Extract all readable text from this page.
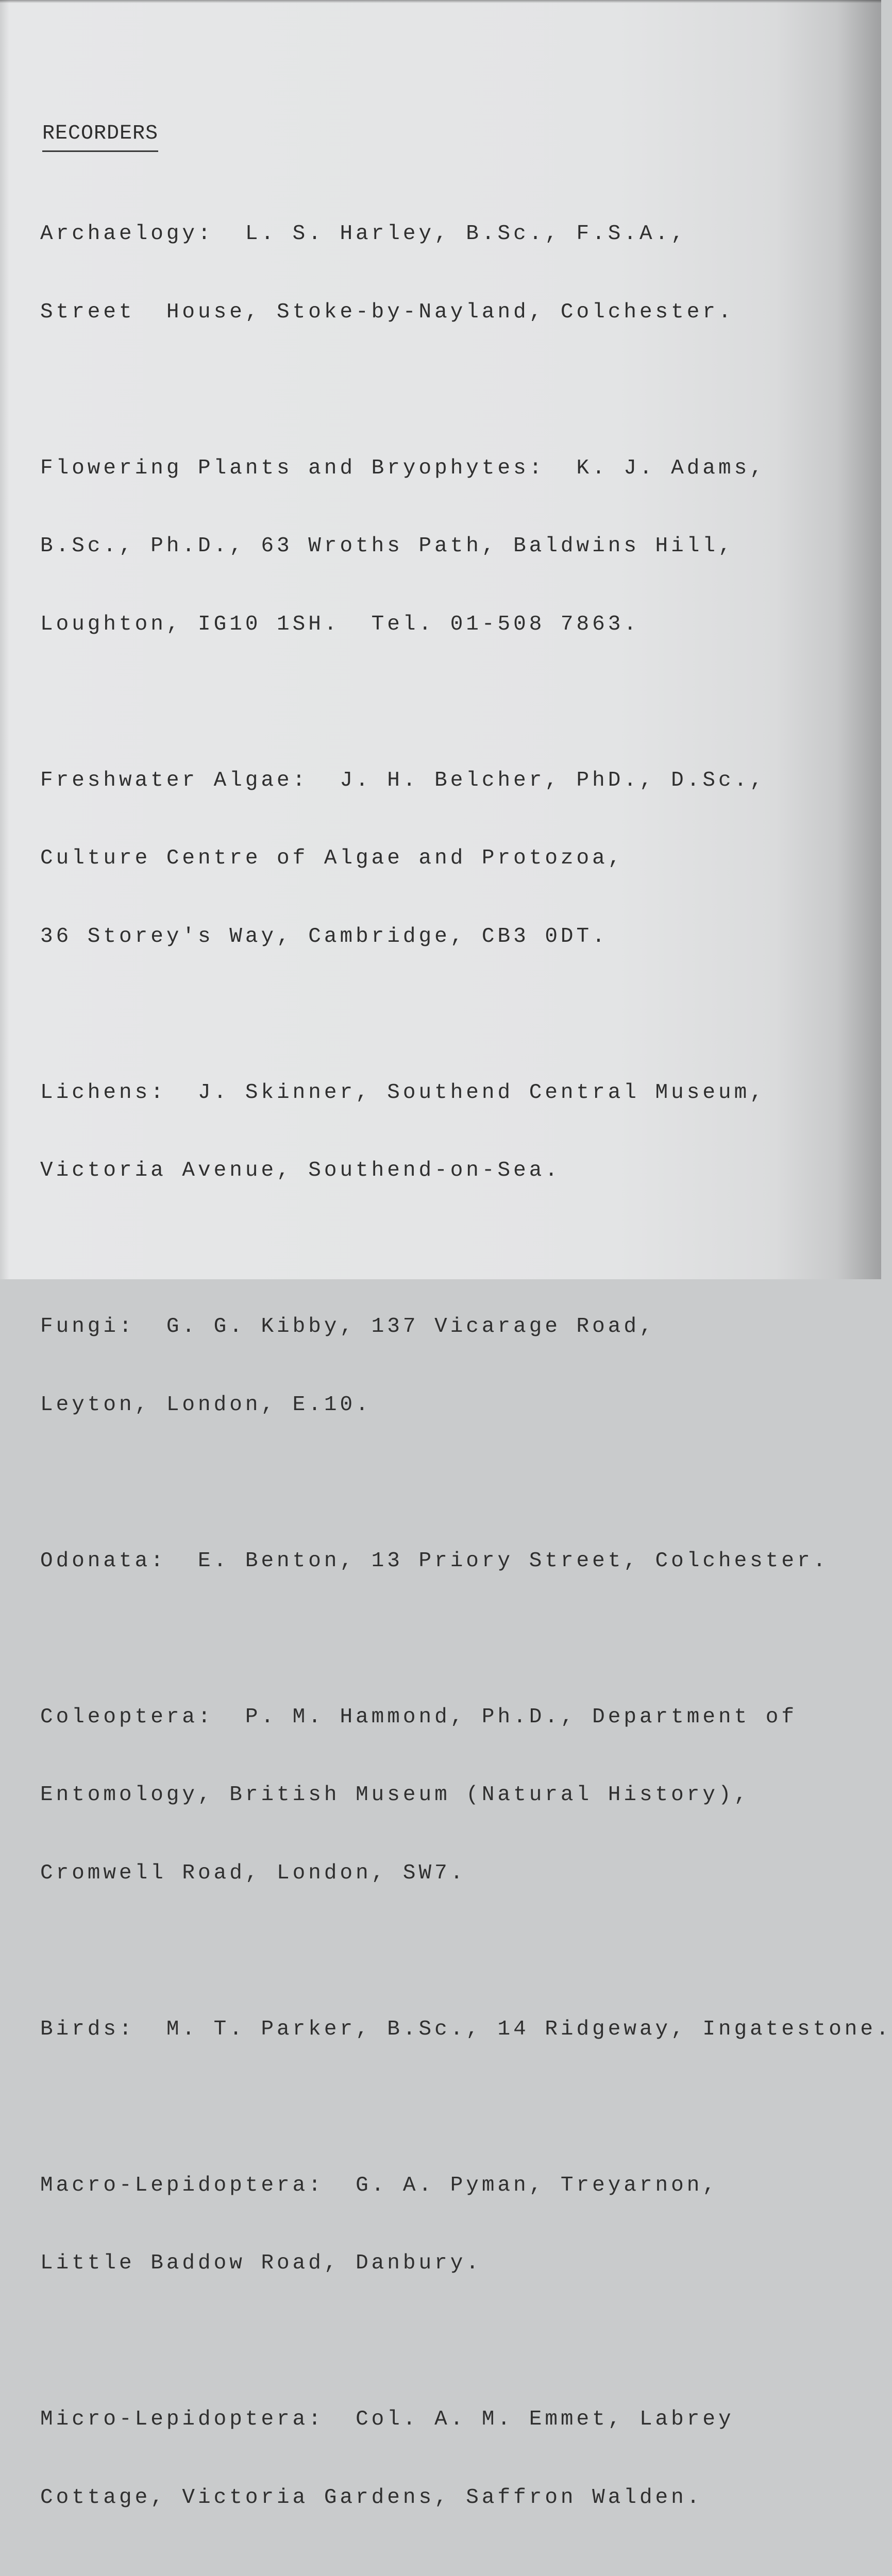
RECORDERS

Archaelogy:  L. S. Harley, B.Sc., F.S.A.,

Street  House, Stoke-by-Nayland, Colchester.

Flowering Plants and Bryophytes:  K. J. Adams,

B.Sc., Ph.D., 63 Wroths Path, Baldwins Hill,

Loughton, IG10 1SH.  Tel. 01-508 7863.

Freshwater Algae:  J. H. Belcher, PhD., D.Sc.,

Culture Centre of Algae and Protozoa,

36 Storey's Way, Cambridge, CB3 0DT.

Lichens:  J. Skinner, Southend Central Museum,

Victoria Avenue, Southend-on-Sea.

Fungi:  G. G. Kibby, 137 Vicarage Road,

Leyton, London, E.10.

Odonata:  E. Benton, 13 Priory Street, Colchester.

Coleoptera:  P. M. Hammond, Ph.D., Department of

Entomology, British Museum (Natural History),

Cromwell Road, London, SW7.

Birds:  M. T. Parker, B.Sc., 14 Ridgeway, Ingatestone.

Macro-Lepidoptera:  G. A. Pyman, Treyarnon,

Little Baddow Road, Danbury.

Micro-Lepidoptera:  Col. A. M. Emmet, Labrey

Cottage, Victoria Gardens, Saffron Walden.
